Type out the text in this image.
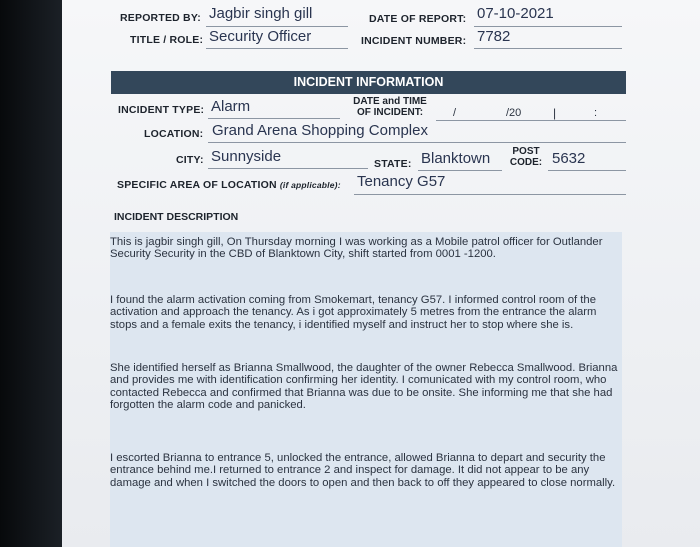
REPORTED BY: Jagbir singh gill	DATE OF REPORT: 07-10-2021
TITLE / ROLE: Security Officer	INCIDENT NUMBER: 7782
INCIDENT INFORMATION
INCIDENT TYPE: Alarm	DATE and TIME
OF INCIDENT:	/	/20	|	:
LOCATION: Grand Arena Shopping Complex
CITY: Sunnyside	STATE: Blanktown	POST
CODE: 5632
SPECIFIC AREA OF LOCATION (if applicable): Tenancy G57
INCIDENT DESCRIPTION
This is jagbir singh gill, On Thursday morning I was working as a Mobile patrol officer for Outlander Security Security in the CBD of Blanktown City, shift started from 0001 -1200.
I found the alarm activation coming from Smokemart, tenancy G57. I informed control room of the activation and approach the tenancy. As i got approximately 5 metres from the entrance the alarm stops and a female exits the tenancy, i identified myself and instruct her to stop where she is.
She identified herself as Brianna Smallwood, the daughter of the owner Rebecca Smallwood. Brianna and provides me with identification confirming her identity. I comunicated with my control room, who contacted Rebecca and confirmed that Brianna was due to be onsite. She informing me that she had forgotten the alarm code and panicked.
I escorted Brianna to entrance 5, unlocked the entrance, allowed Brianna to depart and security the entrance behind me.I returned to entrance 2 and inspect for damage. It did not appear to be any damage and when I switched the doors to open and then back to off they appeared to close normally.
